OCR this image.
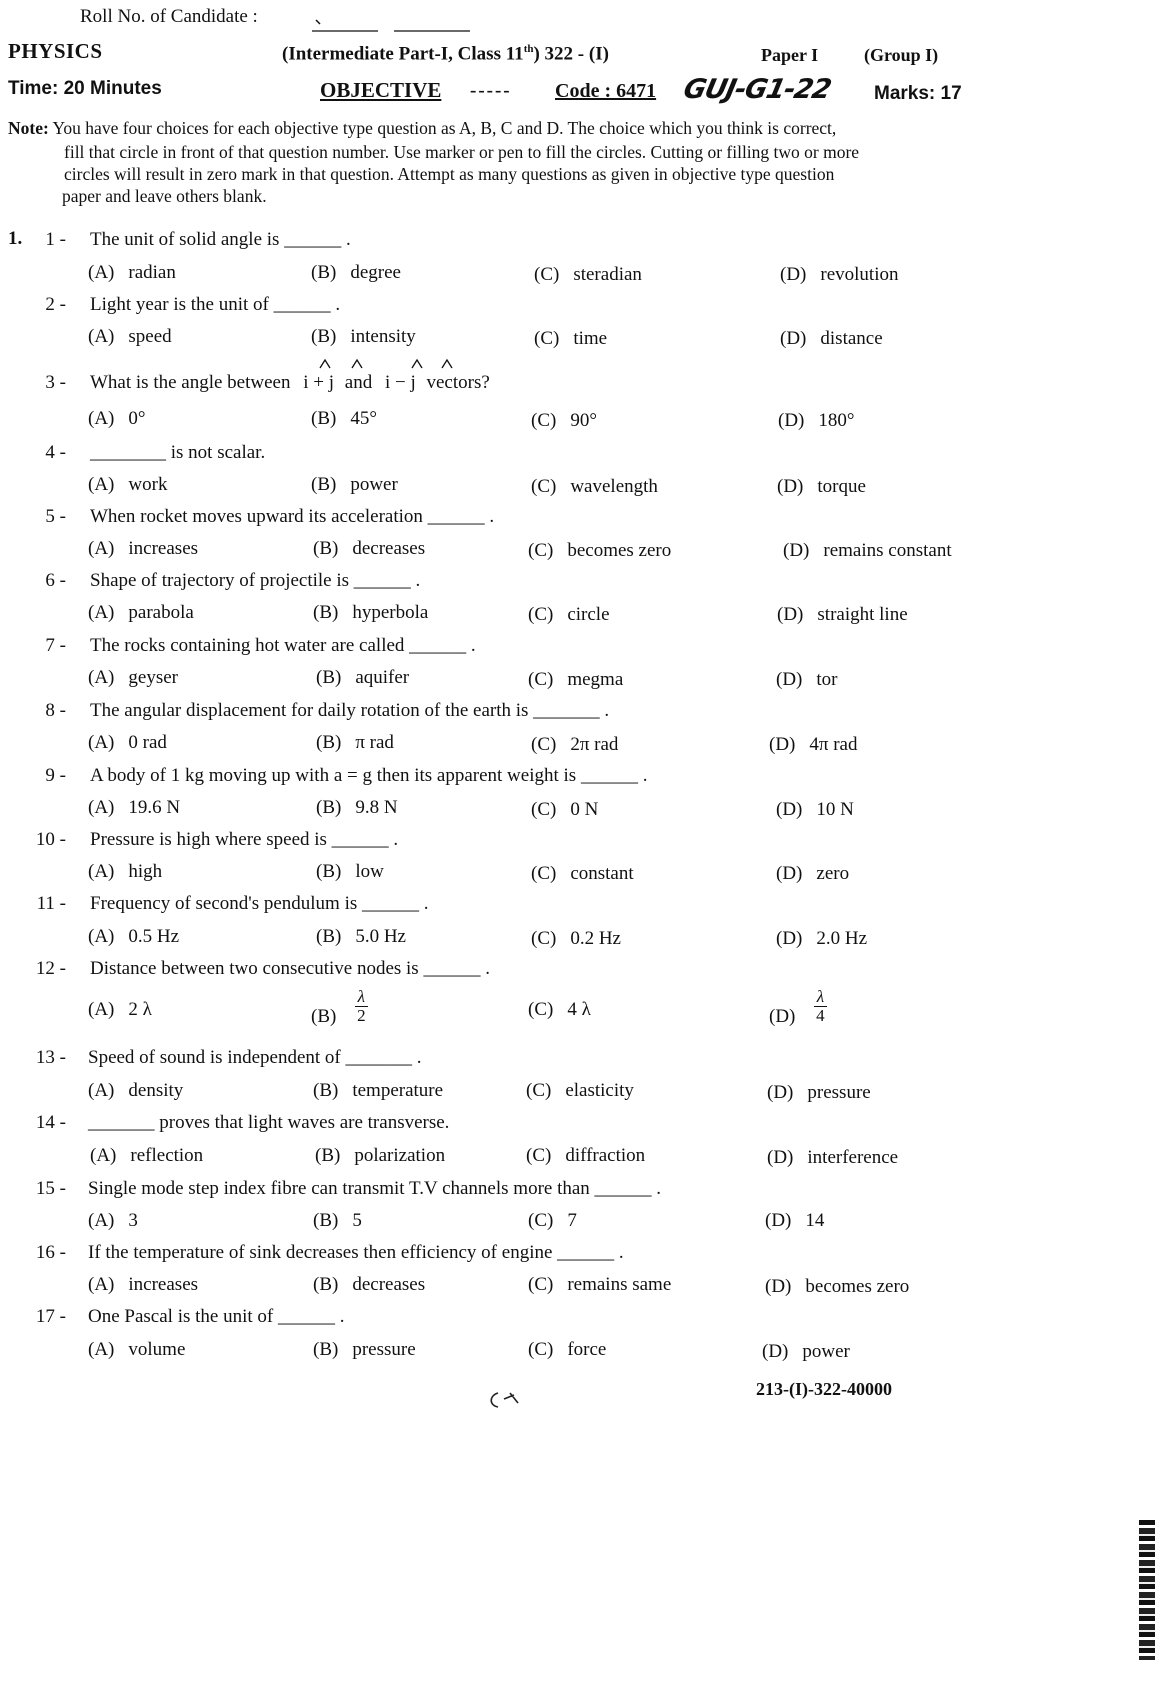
Roll No. of Candidate :
PHYSICS	(Intermediate Part-I, Class 11th) 322 - (I)	Paper I	(Group I)
Time: 20 Minutes	OBJECTIVE ----- Code : 6471 GUJ-G1-22 Marks: 17
Note: You have four choices for each objective type question as A, B, C and D. The choice which you think is correct,
fill that circle in front of that question number. Use marker or pen to fill the circles. Cutting or filling two or more
circles will result in zero mark in that question. Attempt as many questions as given in objective type question
paper and leave others blank.
1.	1 - The unit of solid angle is ______ .
(A) radian	(B) degree	(C) steradian	(D) revolution
2 - Light year is the unit of ______ .
(A) speed	(B) intensity	(C) time	(D) distance
3 - What is the angle between i + j and i − j vectors?
(A) 0°	(B) 45°	(C) 90°	(D) 180°
4 - ________ is not scalar.
(A) work	(B) power	(C) wavelength	(D) torque
5 - When rocket moves upward its acceleration ______ .
(A) increases	(B) decreases	(C) becomes zero	(D) remains constant
6 - Shape of trajectory of projectile is ______ .
(A) parabola	(B) hyperbola	(C) circle	(D) straight line
7 - The rocks containing hot water are called ______ .
(A) geyser	(B) aquifer	(C) megma	(D) tor
8 - The angular displacement for daily rotation of the earth is _______ .
(A) 0 rad	(B) π rad	(C) 2π rad	(D) 4π rad
9 - A body of 1 kg moving up with a = g then its apparent weight is ______ .
(A) 19.6 N	(B) 9.8 N	(C) 0 N	(D) 10 N
10 - Pressure is high where speed is ______ .
(A) high	(B) low	(C) constant	(D) zero
11 - Frequency of second's pendulum is ______ .
(A) 0.5 Hz	(B) 5.0 Hz	(C) 0.2 Hz	(D) 2.0 Hz
12 - Distance between two consecutive nodes is ______ .
(A) 2 λ	$(B) \frac{\lambda}{2}$	(C) 4 λ	$(D) \frac{\lambda}{4}$
13 - Speed of sound is independent of _______ .
(A) density	(B) temperature	(C) elasticity	(D) pressure
14 - _______ proves that light waves are transverse.
(A) reflection	(B) polarization	(C) diffraction	(D) interference
15 - Single mode step index fibre can transmit T.V channels more than ______ .
(A) 3	(B) 5	(C) 7	(D) 14
16 - If the temperature of sink decreases then efficiency of engine ______ .
(A) increases	(B) decreases	(C) remains same	(D) becomes zero
17 - One Pascal is the unit of ______ .
(A) volume	(B) pressure	(C) force	(D) power
213-(I)-322-40000
